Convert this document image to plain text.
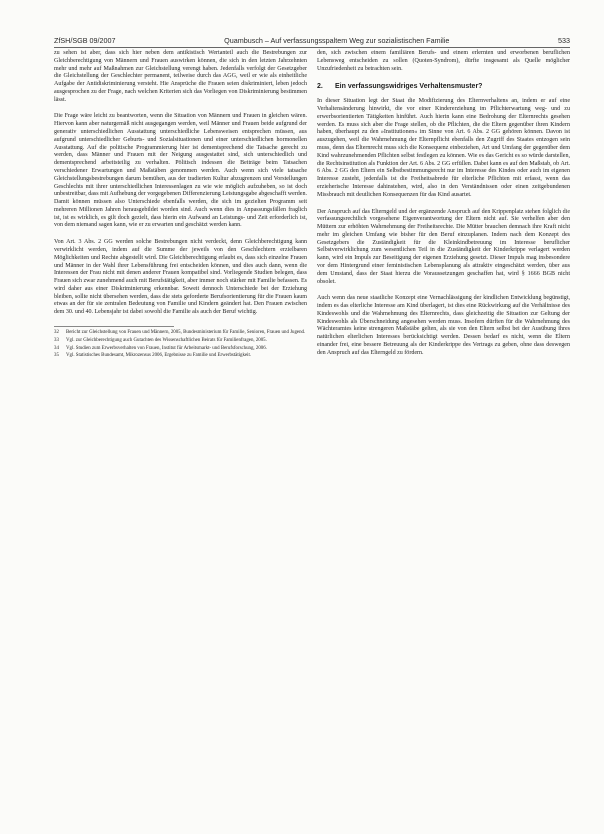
ZfSH/SGB 09/2007	Quambusch – Auf verfassungsspaltem Weg zur sozialistischen Familie	533

zu sehen ist aber, dass sich hier neben dem antikistisch Wertanteil auch die Bestrebungen zur Gleichberechtigung von Männern und Frauen auswirken können, die sich in den letzten Jahrzehnten mehr und mehr auf Maßnahmen zur Gleichstellung verengt haben. Jedenfalls verfolgt der Gesetzgeber die Gleichstellung der Geschlechter permanent, teilweise durch das AGG, weil er wie als einheitliche Aufgabe der Antidiskriminierung versteht. Hie Ansprüche die Frauen seien diskriminiert, leben jedoch ausgesprochen zu der Frage, nach welchen Kriterien sich das Vorliegen von Diskriminierung bestimmen lässt.

Die Frage wäre leicht zu beantworten, wenn die Situation von Männern und Frauen in gleichen wären. Hiervon kann aber naturgemäß nicht ausgegangen werden, weil Männer und Frauen beide aufgrund der generativ unterschiedlichen Ausstattung unterschiedliche Lebensweisen entsprechen müssen, aus aufgrund unterschiedlicher Geburts- und Sozialsituationen und einer unterschiedlichen hormonellen Ausstattung. Auf die politische Programmierung hier ist dementsprechend die Tatsache gerecht zu werden, dass Männer und Frauen mit der Neigung ausgestattet sind, sich unterschiedlich und dementsprechend arbeitsteilig zu verhalten. Pölitisch indessen die Beiträge beim Tatsachen verschiedener Erwartungen und Maßstäben genommen werden. Auch wenn sich viele tatsache Gleichstellungsbestrebungen darum bemühen, aus der tradierten Kultur abzugrenzen und Vorstellungen Geschlechts mit ihrer unterschiedlichen Interessenlagen zu wie wie möglich aufzuheben, so ist doch unbestreitbar, dass mit Aufhebung der vorgegebenen Differenzierung Leistungsgabe abgeschafft werden. Damit können müssen also Unterschiede ebenfalls werden, die sich im gezielten Programm seit mehreren Millionen Jahren herausgebildet worden sind. Auch wenn dies in Anpassungsfällen fraglich ist, ist es wirklich, es gilt doch gezielt, dass hierin ein Aufwand an Leistungs- und Zeit erforderlich ist, von dem niemand sagen kann, wie er zu erwarten und geschätzt werden kann.

Von Art. 3 Abs. 2 GG werden solche Bestrebungen nicht verdeckt, denn Gleichberechtigung kann verwirklicht werden, indem auf die Summe der jeweils von den Geschlechtern erzielbaren Möglichkeiten und Rechte abgestellt wird. Die Gleichberechtigung erlaubt es, dass sich einzelne Frauen und Männer in der Wahl ihrer Lebensführung frei entscheiden können, und dies auch dann, wenn die Interessen der Frau nicht mit denen anderer Frauen kompatibel sind. Vorliegende Studien belegen, dass Frauen sich zwar zunehmend auch mit Berufstätigkeit, aber immer noch stärker mit Familie befassen. Es wird daher aus einer Diskriminierung erkennbar. Soweit dennoch Unterschiede bei der Erziehung bleiben, sollte nicht übersehen werden, dass die stets geforderte Berufsorientierung für die Frauen kaum etwas an der für sie zentralen Bedeutung von Familie und Kindern geändert hat. Den Frauen zwischen dem 30. und 40. Lebensjahr ist dabei sowohl die Familie als auch der Beruf wichtig.

32	Bericht zur Gleichstellung von Frauen und Männern, 2005, Bundesministerium für Familie, Senioren, Frauen und Jugend.
33	Vgl. zur Gleichberechtigung auch Gutachten des Wissenschaftlichen Beirats für Familienfragen, 2005.
34	Vgl. Studien zum Erwerbsverhalten von Frauen, Institut für Arbeitsmarkt- und Berufsforschung, 2006.
35	Vgl. Statistisches Bundesamt, Mikrozensus 2006, Ergebnisse zu Familie und Erwerbstätigkeit.

den, sich zwischen einem familiären Berufs- und einem erlernten und erworbenen beruflichen Lebensweg entscheiden zu sollen (Quoten-Syndrom), dürfte insgesamt als Quelle möglicher Unzufriedenheit zu betrachten sein.

2. Ein verfassungswidriges Verhaltensmuster?

In dieser Situation legt der Staat die Modifizierung des Elternverhaltens an, indem er auf eine Verhaltensänderung hinwirkt, die vor einer Kindererziehung im Pflichterwartung weg- und zu erwerbsorientierten Tätigkeiten hinführt. Auch hierin kann eine Bedrohung der Elternrechts gesehen werden. Es muss sich aber die Frage stellen, ob die Pflichten, die die Eltern gegenüber ihren Kindern haben, überhaupt zu den »Institutionen« im Sinne von Art. 6 Abs. 2 GG gehören können. Davon ist auszugehen, weil die Wahrnehmung der Elternpflicht ebenfalls den Zugriff des Staates entzogen sein muss, denn das Elternrecht muss sich die Konsequenz einbeziehen, Art und Umfang der gegenüber dem Kind wahrzunehmenden Pflichten selbst festlegen zu können. Wie es das Gericht es so würde darstellen, die Rechtsinstitution als Funktion der Art. 6 Abs. 2 GG erfüllen. Dabei kann es auf den Maßstab, ob Art. 6 Abs. 2 GG den Eltern ein Selbstbestimmungsrecht nur im Interesse des Kindes oder auch im eigenen Interesse zusteht, jedenfalls ist die Freiheitsabrede für elterliche Pflichten mit erfasst, wenn das erzieherische Interesse dahinstehen, wird, also in den Verständnissen oder einen zeitgebundenen Missbrauch mit deutlichen Konsequenzen für das Kind ausartet.

Der Anspruch auf das Elterngeld und der ergänzende Anspruch auf den Krippenplatz stehen folglich die verfassungsrechtlich vorgesehene Eigenverantwortung der Eltern nicht auf. Sie verhelfen aber den Müttern zur erhöhten Wahrnehmung der Freiheitsrechte. Die Mütter brauchen demnach ihre Kraft nicht mehr im gleichen Umfang wie bisher für den Beruf einzuplanen. Indem nach dem Konzept des Gesetzgebers die Zuständigkeit für die Kleinkindbetreuung im Interesse beruflicher Selbstverwirklichung zum wesentlichen Teil in die Zuständigkeit der Kinderkrippe verlagert werden kann, wird ein Impuls zur Beseitigung der eigenen Erziehung gesetzt. Dieser Impuls mag insbesondere vor dem Hintergrund einer feministischen Lebensplanung als attraktiv eingeschätzt werden, über aus dem Umstand, dass der Staat hierzu die Voraussetzungen geschaffen hat, wird § 1666 BGB nicht obsolet.

Auch wenn das neue staatliche Konzept eine Vernachlässigung der kindlichen Entwicklung begünstigt, indem es das elterliche Interesse am Kind überlagert, ist dies eine Rückwirkung auf die Verhältnisse des Kindeswohls und die Wahrnehmung des Elternrechts, dass gleichzeitig die Situation zur Geltung der Kindeswohls als Überschneidung angesehen werden muss. Insofern dürften für die Wahrnehmung des Wächteramtes keine strengeren Maßstäbe gelten, als sie von den Eltern selbst bei der Ausübung ihres natürlichen elterlichen Interesses berücksichtigt werden. Dessen bedarf es nicht, wenn die Eltern einander frei, eine bessere Betreuung als der Kinderkrippe des Vertrags zu geben, ohne dass deswegen den Anspruch auf das Elterngeld zu fördern.
